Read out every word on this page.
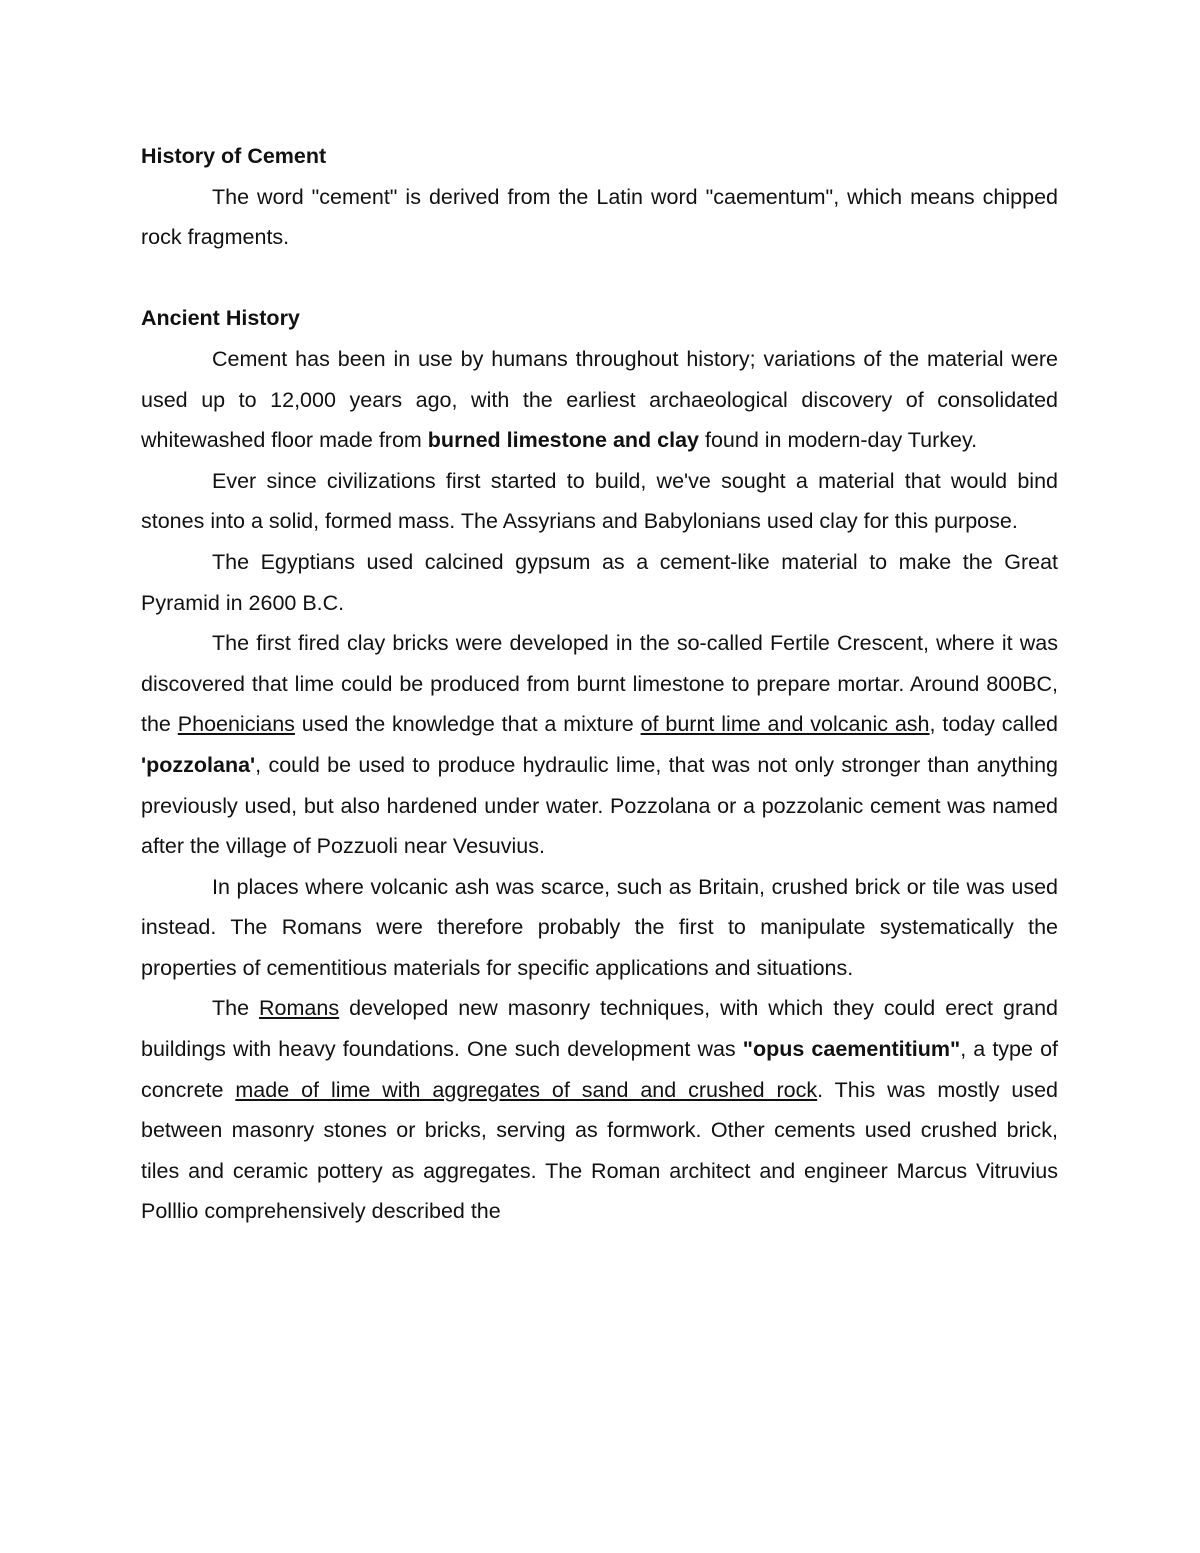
History of Cement

The word "cement" is derived from the Latin word "caementum", which means chipped rock fragments.

Ancient History

Cement has been in use by humans throughout history; variations of the material were used up to 12,000 years ago, with the earliest archaeological discovery of consolidated whitewashed floor made from burned limestone and clay found in modern-day Turkey.

Ever since civilizations first started to build, we've sought a material that would bind stones into a solid, formed mass. The Assyrians and Babylonians used clay for this purpose.

The Egyptians used calcined gypsum as a cement-like material to make the Great Pyramid in 2600 B.C.

The first fired clay bricks were developed in the so-called Fertile Crescent, where it was discovered that lime could be produced from burnt limestone to prepare mortar. Around 800BC, the Phoenicians used the knowledge that a mixture of burnt lime and volcanic ash, today called 'pozzolana', could be used to produce hydraulic lime, that was not only stronger than anything previously used, but also hardened under water. Pozzolana or a pozzolanic cement was named after the village of Pozzuoli near Vesuvius.

In places where volcanic ash was scarce, such as Britain, crushed brick or tile was used instead. The Romans were therefore probably the first to manipulate systematically the properties of cementitious materials for specific applications and situations.

The Romans developed new masonry techniques, with which they could erect grand buildings with heavy foundations. One such development was "opus caementitium", a type of concrete made of lime with aggregates of sand and crushed rock. This was mostly used between masonry stones or bricks, serving as formwork. Other cements used crushed brick, tiles and ceramic pottery as aggregates. The Roman architect and engineer Marcus Vitruvius Polllio comprehensively described the
